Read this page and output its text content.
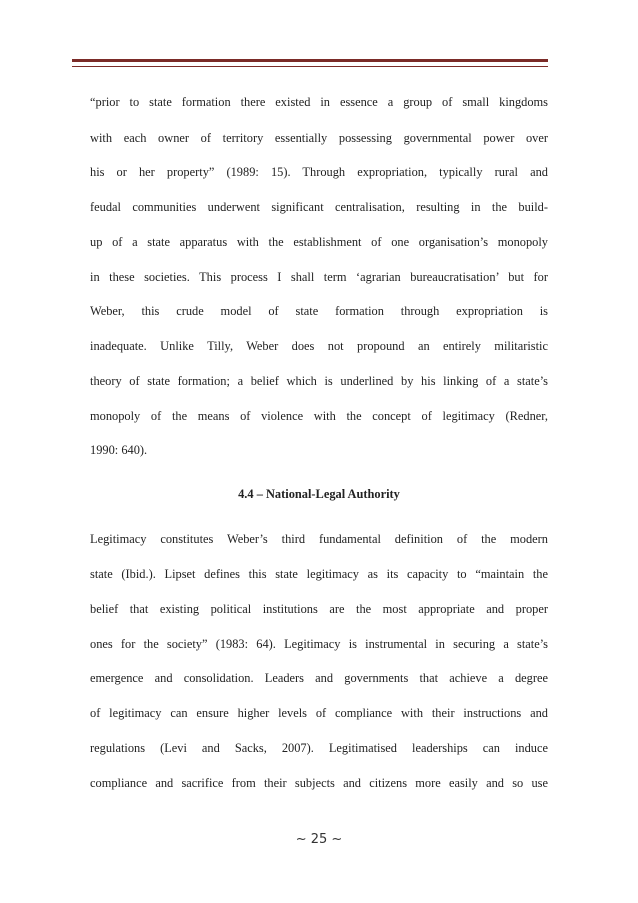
“prior to state formation there existed in essence a group of small kingdoms
with each owner of territory essentially possessing governmental power over
his or her property” (1989: 15). Through expropriation, typically rural and
feudal communities underwent significant centralisation, resulting in the build-
up of a state apparatus with the establishment of one organisation’s monopoly
in these societies. This process I shall term ‘agrarian bureaucratisation’ but for
Weber, this crude model of state formation through expropriation is
inadequate. Unlike Tilly, Weber does not propound an entirely militaristic
theory of state formation; a belief which is underlined by his linking of a state’s
monopoly of the means of violence with the concept of legitimacy (Redner,
1990: 640).
4.4 – National-Legal Authority
Legitimacy constitutes Weber’s third fundamental definition of the modern
state (Ibid.). Lipset defines this state legitimacy as its capacity to “maintain the
belief that existing political institutions are the most appropriate and proper
ones for the society” (1983: 64). Legitimacy is instrumental in securing a state’s
emergence and consolidation. Leaders and governments that achieve a degree
of legitimacy can ensure higher levels of compliance with their instructions and
regulations (Levi and Sacks, 2007). Legitimatised leaderships can induce
compliance and sacrifice from their subjects and citizens more easily and so use
~ 25 ~
